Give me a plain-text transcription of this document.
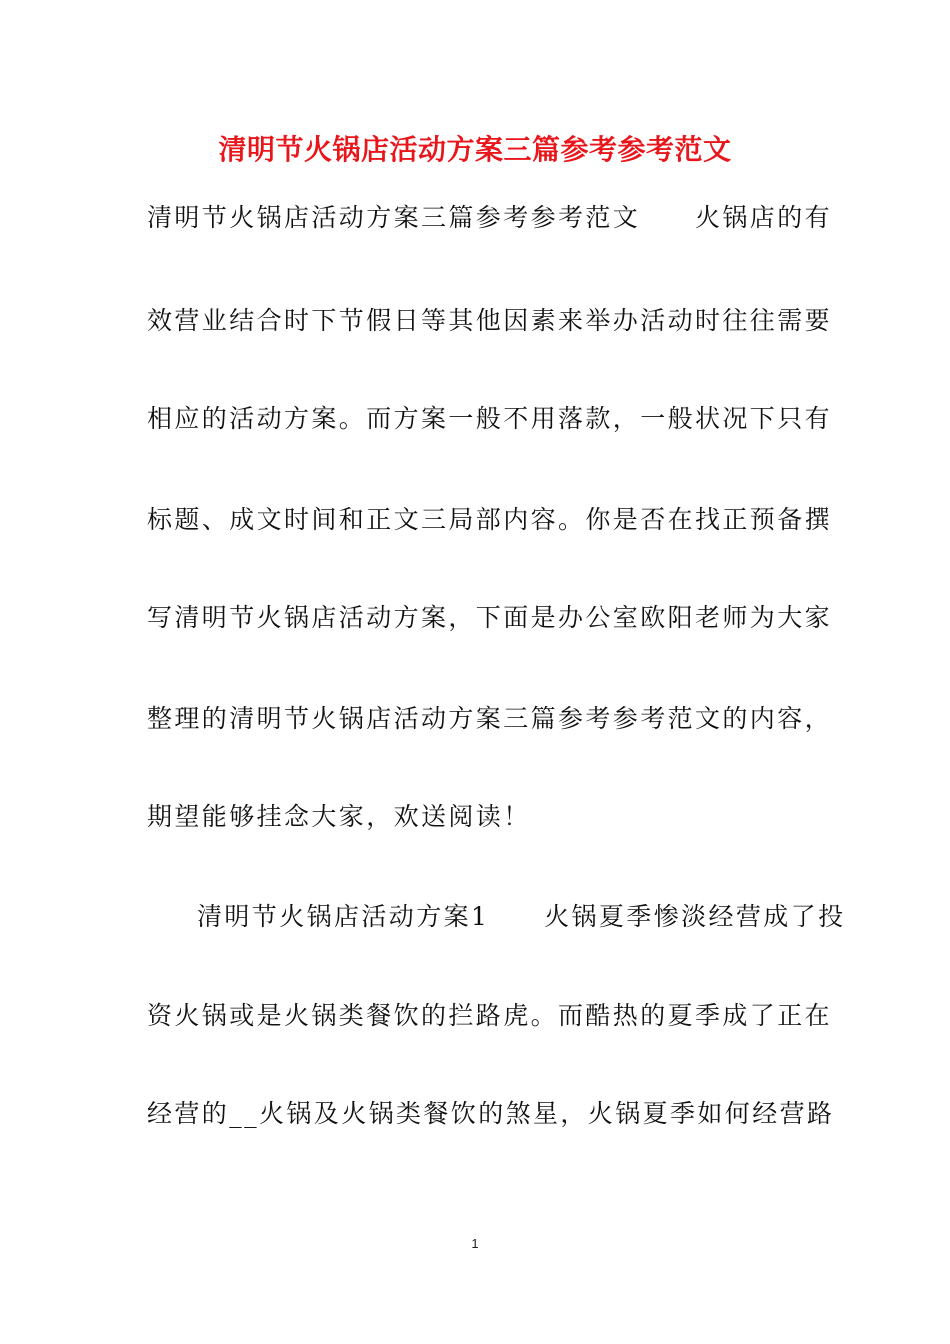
清明节火锅店活动方案三篇参考参考范文

清明节火锅店活动方案三篇参考参考范文　　火锅店的有

效营业结合时下节假日等其他因素来举办活动时往往需要

相应的活动方案。而方案一般不用落款，一般状况下只有

标题、成文时间和正文三局部内容。你是否在找正预备撰

写清明节火锅店活动方案，下面是办公室欧阳老师为大家

整理的清明节火锅店活动方案三篇参考参考范文的内容，

期望能够挂念大家，欢送阅读！

清明节火锅店活动方案1　　火锅夏季惨淡经营成了投

资火锅或是火锅类餐饮的拦路虎。而酷热的夏季成了正在

经营的__火锅及火锅类餐饮的煞星，火锅夏季如何经营路

1
